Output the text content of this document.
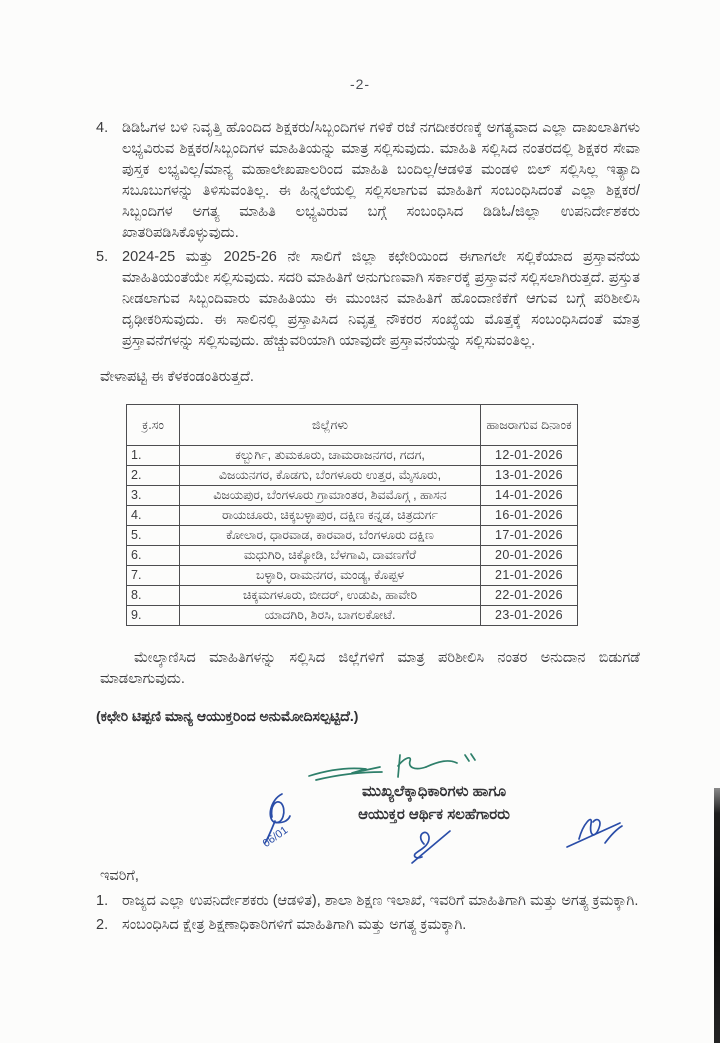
-2-
4. ಡಿಡಿಓಗಳ ಬಳಿ ನಿವೃತ್ತಿ ಹೊಂದಿದ ಶಿಕ್ಷಕರು/ಸಿಬ್ಬಂದಿಗಳ ಗಳಿಕೆ ರಜೆ ನಗದೀಕರಣಕ್ಕೆ ಅಗತ್ಯವಾದ ಎಲ್ಲಾ ದಾಖಲಾತಿಗಳು ಲಭ್ಯವಿರುವ ಶಿಕ್ಷಕರ/ಸಿಬ್ಬಂದಿಗಳ ಮಾಹಿತಿಯನ್ನು ಮಾತ್ರ ಸಲ್ಲಿಸುವುದು. ಮಾಹಿತಿ ಸಲ್ಲಿಸಿದ ನಂತರದಲ್ಲಿ ಶಿಕ್ಷಕರ ಸೇವಾ ಪುಸ್ತಕ ಲಭ್ಯವಿಲ್ಲ/ಮಾನ್ಯ ಮಹಾಲೇಖಪಾಲರಿಂದ ಮಾಹಿತಿ ಬಂದಿಲ್ಲ/ಆಡಳಿತ ಮಂಡಳಿ ಬಿಲ್ ಸಲ್ಲಿಸಿಲ್ಲ ಇತ್ಯಾದಿ ಸಬೂಬುಗಳನ್ನು ತಿಳಿಸುವಂತಿಲ್ಲ. ಈ ಹಿನ್ನಲೆಯಲ್ಲಿ ಸಲ್ಲಿಸಲಾಗುವ ಮಾಹಿತಿಗೆ ಸಂಬಂಧಿಸಿದಂತೆ ಎಲ್ಲಾ ಶಿಕ್ಷಕರ/ಸಿಬ್ಬಂದಿಗಳ ಅಗತ್ಯ ಮಾಹಿತಿ ಲಭ್ಯವಿರುವ ಬಗ್ಗೆ ಸಂಬಂಧಿಸಿದ ಡಿಡಿಓ/ಜಿಲ್ಲಾ ಉಪನಿರ್ದೇಶಕರು ಖಾತರಿಪಡಿಸಿಕೊಳ್ಳುವುದು.
5. 2024-25 ಮತ್ತು 2025-26 ನೇ ಸಾಲಿಗೆ ಜಿಲ್ಲಾ ಕಛೇರಿಯಿಂದ ಈಗಾಗಲೇ ಸಲ್ಲಿಕೆಯಾದ ಪ್ರಸ್ತಾವನೆಯ ಮಾಹಿತಿಯಂತೆಯೇ ಸಲ್ಲಿಸುವುದು. ಸದರಿ ಮಾಹಿತಿಗೆ ಅನುಗುಣವಾಗಿ ಸರ್ಕಾರಕ್ಕೆ ಪ್ರಸ್ತಾವನೆ ಸಲ್ಲಿಸಲಾಗಿರುತ್ತದೆ. ಪ್ರಸ್ತುತ ನೀಡಲಾಗುವ ಸಿಬ್ಬಂದಿವಾರು ಮಾಹಿತಿಯು ಈ ಮುಂಚಿನ ಮಾಹಿತಿಗೆ ಹೊಂದಾಣಿಕೆಗೆ ಆಗುವ ಬಗ್ಗೆ ಪರಿಶೀಲಿಸಿ ದೃಢೀಕರಿಸುವುದು. ಈ ಸಾಲಿನಲ್ಲಿ ಪ್ರಸ್ತಾಪಿಸಿದ ನಿವೃತ್ತ ನೌಕರರ ಸಂಖ್ಯೆಯ ಮೊತ್ತಕ್ಕೆ ಸಂಬಂಧಿಸಿದಂತೆ ಮಾತ್ರ ಪ್ರಸ್ತಾವನೆಗಳನ್ನು ಸಲ್ಲಿಸುವುದು. ಹೆಚ್ಚುವರಿಯಾಗಿ ಯಾವುದೇ ಪ್ರಸ್ತಾವನೆಯನ್ನು ಸಲ್ಲಿಸುವಂತಿಲ್ಲ.

ವೇಳಾಪಟ್ಟಿ ಈ ಕೆಳಕಂಡಂತಿರುತ್ತದೆ.

ಕ್ರ.ಸಂ	ಜಿಲ್ಲೆಗಳು	ಹಾಜರಾಗುವ ದಿನಾಂಕ
1.	ಕಲ್ಬುರ್ಗಿ, ತುಮಕೂರು, ಚಾಮರಾಜನಗರ, ಗದಗ,	12-01-2026
2.	ವಿಜಯನಗರ, ಕೊಡಗು, ಬೆಂಗಳೂರು ಉತ್ತರ, ಮೈಸೂರು,	13-01-2026
3.	ವಿಜಯಪುರ, ಬೆಂಗಳೂರು ಗ್ರಾಮಾಂತರ, ಶಿವಮೊಗ್ಗ , ಹಾಸನ	14-01-2026
4.	ರಾಯಚೂರು, ಚಿಕ್ಕಬಳ್ಳಾಪುರ, ದಕ್ಷಿಣ ಕನ್ನಡ, ಚಿತ್ರದುರ್ಗ	16-01-2026
5.	ಕೋಲಾರ, ಧಾರವಾಡ, ಕಾರವಾರ, ಬೆಂಗಳೂರು ದಕ್ಷಿಣ	17-01-2026
6.	ಮಧುಗಿರಿ, ಚಿಕ್ಕೋಡಿ, ಬೆಳಗಾವಿ, ದಾವಣಗೆರೆ	20-01-2026
7.	ಬಳ್ಳಾರಿ, ರಾಮನಗರ, ಮಂಡ್ಯ, ಕೊಪ್ಪಳ	21-01-2026
8.	ಚಿಕ್ಕಮಗಳೂರು, ಬೀದರ್, ಉಡುಪಿ, ಹಾವೇರಿ	22-01-2026
9.	ಯಾದಗಿರಿ, ಶಿರಸಿ, ಬಾಗಲಕೋಟೆ.	23-01-2026

ಮೇಲ್ಕಾಣಿಸಿದ ಮಾಹಿತಿಗಳನ್ನು ಸಲ್ಲಿಸಿದ ಜಿಲ್ಲೆಗಳಿಗೆ ಮಾತ್ರ ಪರಿಶೀಲಿಸಿ ನಂತರ ಅನುದಾನ ಬಿಡುಗಡೆ ಮಾಡಲಾಗುವುದು.

(ಕಛೇರಿ ಟಿಪ್ಪಣಿ ಮಾನ್ಯ ಆಯುಕ್ತರಿಂದ ಅನುಮೋದಿಸಲ್ಪಟ್ಟಿದೆ.)

06/01
ಮುಖ್ಯಲೆಕ್ಕಾಧಿಕಾರಿಗಳು ಹಾಗೂ
ಆಯುಕ್ತರ ಆರ್ಥಿಕ ಸಲಹೆಗಾರರು

ಇವರಿಗೆ,

1. ರಾಜ್ಯದ ಎಲ್ಲಾ ಉಪನಿರ್ದೇಶಕರು (ಆಡಳಿತ), ಶಾಲಾ ಶಿಕ್ಷಣ ಇಲಾಖೆ, ಇವರಿಗೆ ಮಾಹಿತಿಗಾಗಿ ಮತ್ತು ಅಗತ್ಯ ಕ್ರಮಕ್ಕಾಗಿ.
2. ಸಂಬಂಧಿಸಿದ ಕ್ಷೇತ್ರ ಶಿಕ್ಷಣಾಧಿಕಾರಿಗಳಿಗೆ ಮಾಹಿತಿಗಾಗಿ ಮತ್ತು ಅಗತ್ಯ ಕ್ರಮಕ್ಕಾಗಿ.
